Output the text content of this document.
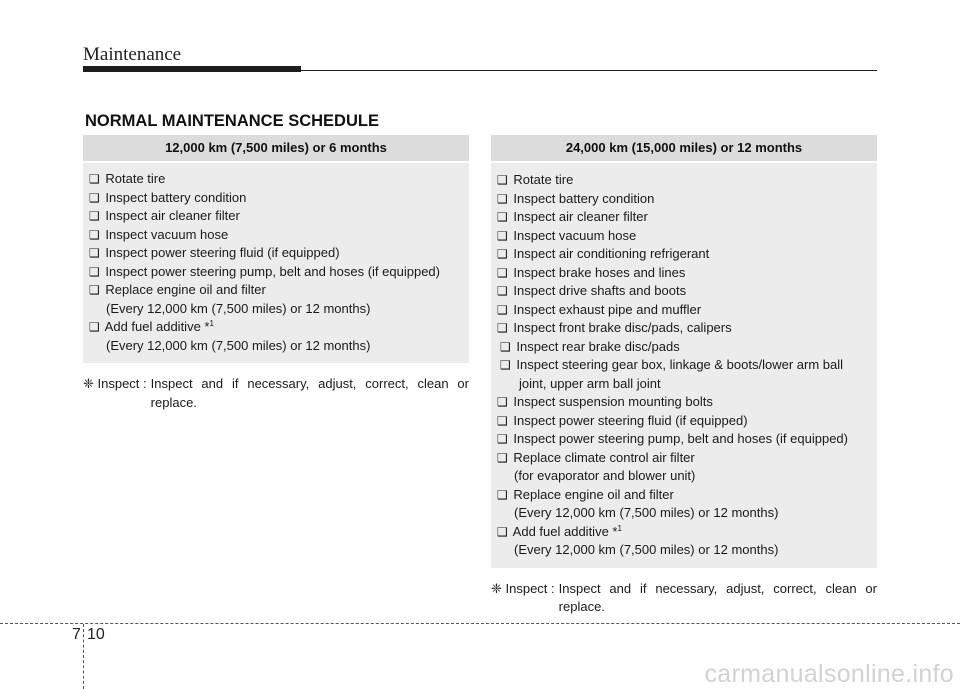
Maintenance
NORMAL MAINTENANCE SCHEDULE
12,000 km (7,500 miles) or 6 months
❑ Rotate tire
❑ Inspect battery condition
❑ Inspect air cleaner filter
❑ Inspect vacuum hose
❑ Inspect power steering fluid (if equipped)
❑ Inspect power steering pump, belt and hoses (if equipped)
❑ Replace engine oil and filter
(Every 12,000 km (7,500 miles) or 12 months)
❑ Add fuel additive *$^1$
(Every 12,000 km (7,500 miles) or 12 months)
❈ Inspect : Inspect and if necessary, adjust, correct, clean or replace.
24,000 km (15,000 miles) or 12 months
❑ Rotate tire
❑ Inspect battery condition
❑ Inspect air cleaner filter
❑ Inspect vacuum hose
❑ Inspect air conditioning refrigerant
❑ Inspect brake hoses and lines
❑ Inspect drive shafts and boots
❑ Inspect exhaust pipe and muffler
❑ Inspect front brake disc/pads, calipers
❑ Inspect rear brake disc/pads
❑ Inspect steering gear box, linkage & boots/lower arm ball
joint, upper arm ball joint
❑ Inspect suspension mounting bolts
❑ Inspect power steering fluid (if equipped)
❑ Inspect power steering pump, belt and hoses (if equipped)
❑ Replace climate control air filter
(for evaporator and blower unit)
❑ Replace engine oil and filter
(Every 12,000 km (7,500 miles) or 12 months)
❑ Add fuel additive *$^1$
(Every 12,000 km (7,500 miles) or 12 months)
❈ Inspect : Inspect and if necessary, adjust, correct, clean or replace.
7 10
carmanualsonline.info
